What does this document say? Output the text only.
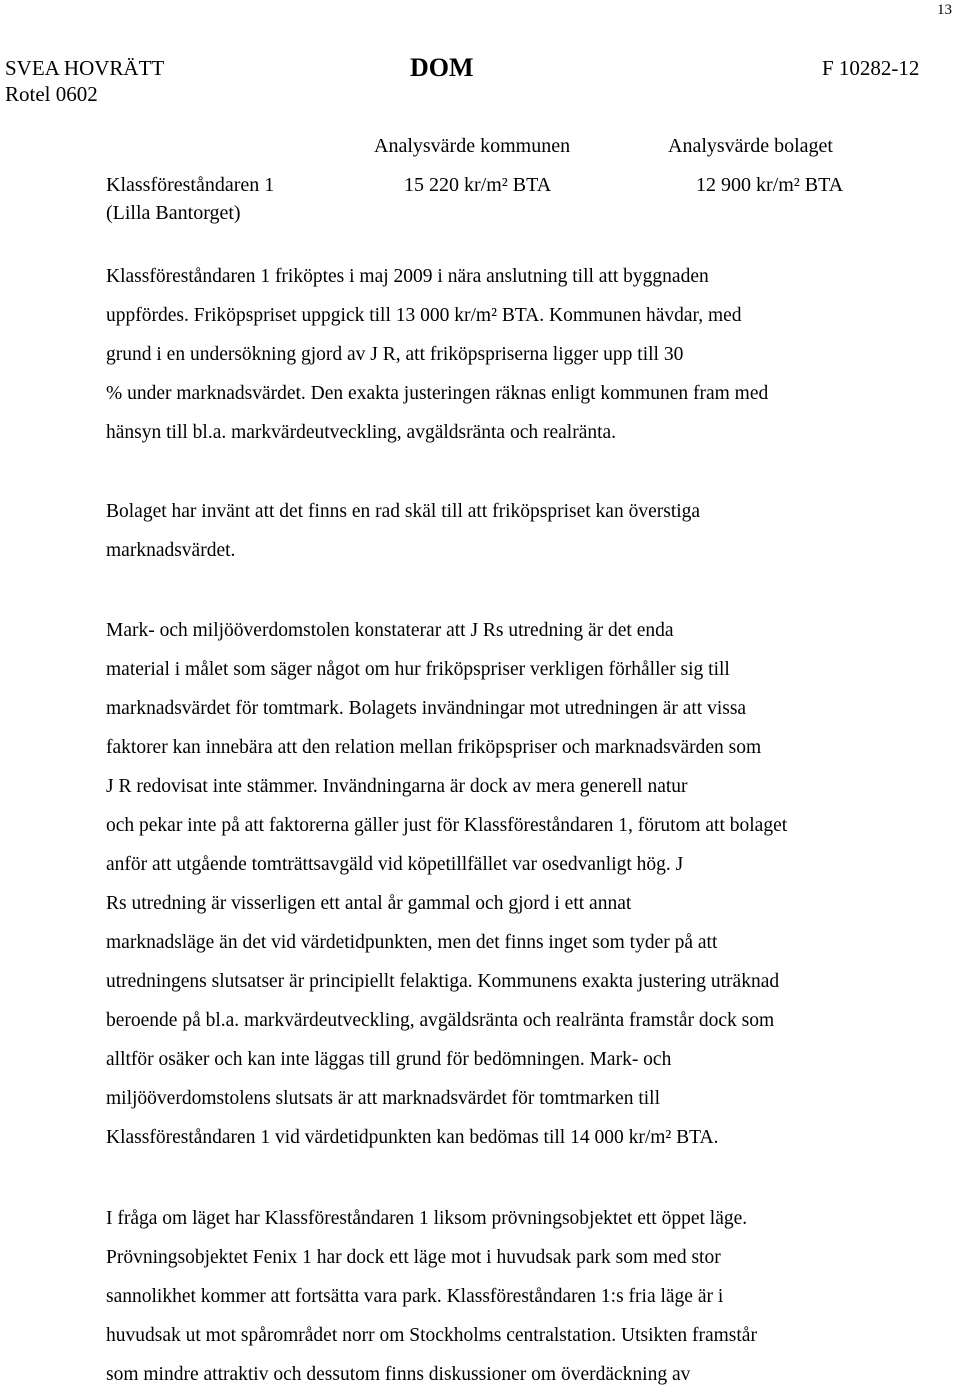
13
SVEA HOVRÄTT
Rotel 0602
DOM	F 10282-12
Analysvärde kommunen	Analysvärde bolaget
Klassföreståndaren 1
(Lilla Bantorget)
15 220 kr/m² BTA	12 900 kr/m² BTA
Klassföreståndaren 1 friköptes i maj 2009 i nära anslutning till att byggnaden
uppfördes. Friköpspriset uppgick till 13 000 kr/m² BTA. Kommunen hävdar, med
grund i en undersökning gjord av J R, att friköpspriserna ligger upp till 30
% under marknadsvärdet. Den exakta justeringen räknas enligt kommunen fram med
hänsyn till bl.a. markvärdeutveckling, avgäldsränta och realränta.
Bolaget har invänt att det finns en rad skäl till att friköpspriset kan överstiga
marknadsvärdet.
Mark- och miljööverdomstolen konstaterar att J Rs utredning är det enda
material i målet som säger något om hur friköpspriser verkligen förhåller sig till
marknadsvärdet för tomtmark. Bolagets invändningar mot utredningen är att vissa
faktorer kan innebära att den relation mellan friköpspriser och marknadsvärden som
J R redovisat inte stämmer. Invändningarna är dock av mera generell natur
och pekar inte på att faktorerna gäller just för Klassföreståndaren 1, förutom att bolaget
anför att utgående tomträttsavgäld vid köpetillfället var osedvanligt hög. J
Rs utredning är visserligen ett antal år gammal och gjord i ett annat
marknadsläge än det vid värdetidpunkten, men det finns inget som tyder på att
utredningens slutsatser är principiellt felaktiga. Kommunens exakta justering uträknad
beroende på bl.a. markvärdeutveckling, avgäldsränta och realränta framstår dock som
alltför osäker och kan inte läggas till grund för bedömningen. Mark- och
miljööverdomstolens slutsats är att marknadsvärdet för tomtmarken till
Klassföreståndaren 1 vid värdetidpunkten kan bedömas till 14 000 kr/m² BTA.
I fråga om läget har Klassföreståndaren 1 liksom prövningsobjektet ett öppet läge.
Prövningsobjektet Fenix 1 har dock ett läge mot i huvudsak park som med stor
sannolikhet kommer att fortsätta vara park. Klassföreståndaren 1:s fria läge är i
huvudsak ut mot spårområdet norr om Stockholms centralstation. Utsikten framstår
som mindre attraktiv och dessutom finns diskussioner om överdäckning av
